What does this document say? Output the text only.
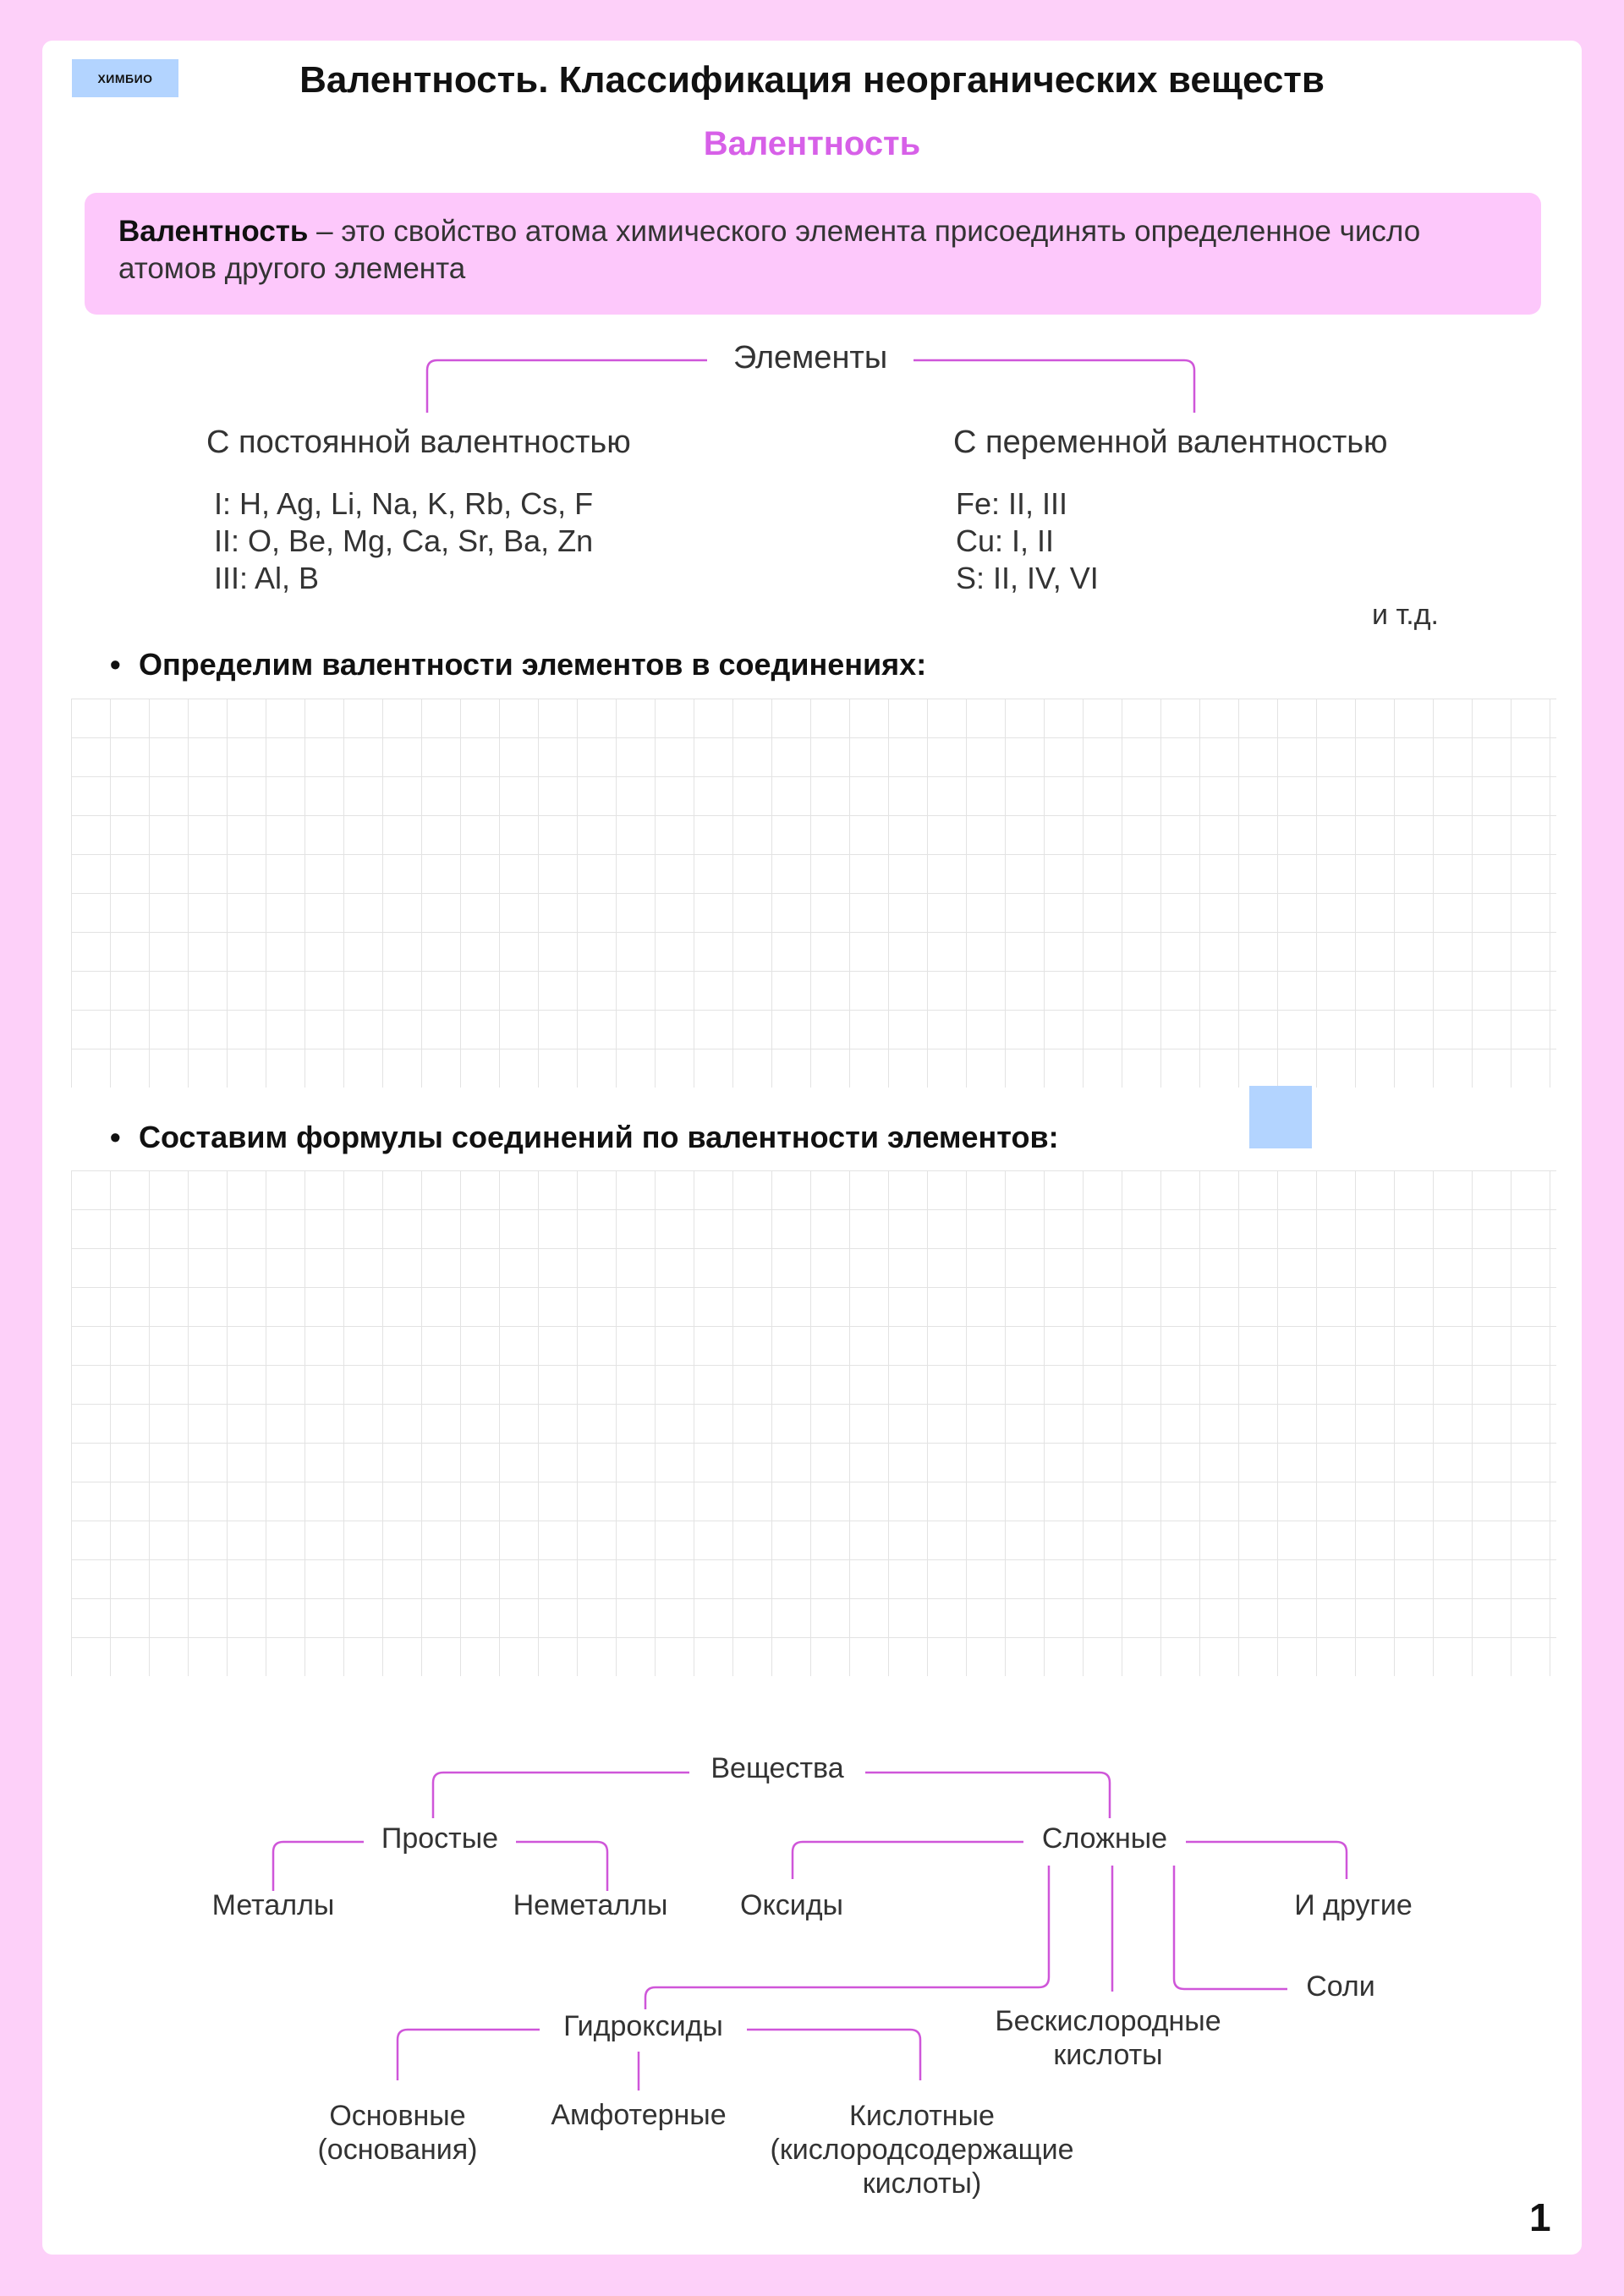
ХИМБИО	Валентность. Классификация неорганических веществ
Валентность
Валентность – это свойство атома химического элемента присоединять определенное число атомов другого элемента
Элементы
С постоянной валентностью	С переменной валентностью
I: H, Ag, Li, Na, K, Rb, Cs, F
II: O, Be, Mg, Ca, Sr, Ba, Zn
III: Al, B
Fe: II, III
Cu: I, II
S: II, IV, VI
и т.д.
• Определим валентности элементов в соединениях:
• Составим формулы соединений по валентности элементов:
Вещества
Простые	Сложные
Металлы	Неметаллы	Оксиды	И другие
Соли
Бескислородные
кислоты
Гидроксиды
Основные
(основания)
Амфотерные	Кислотные
(кислородсодержащие
кислоты)
1
